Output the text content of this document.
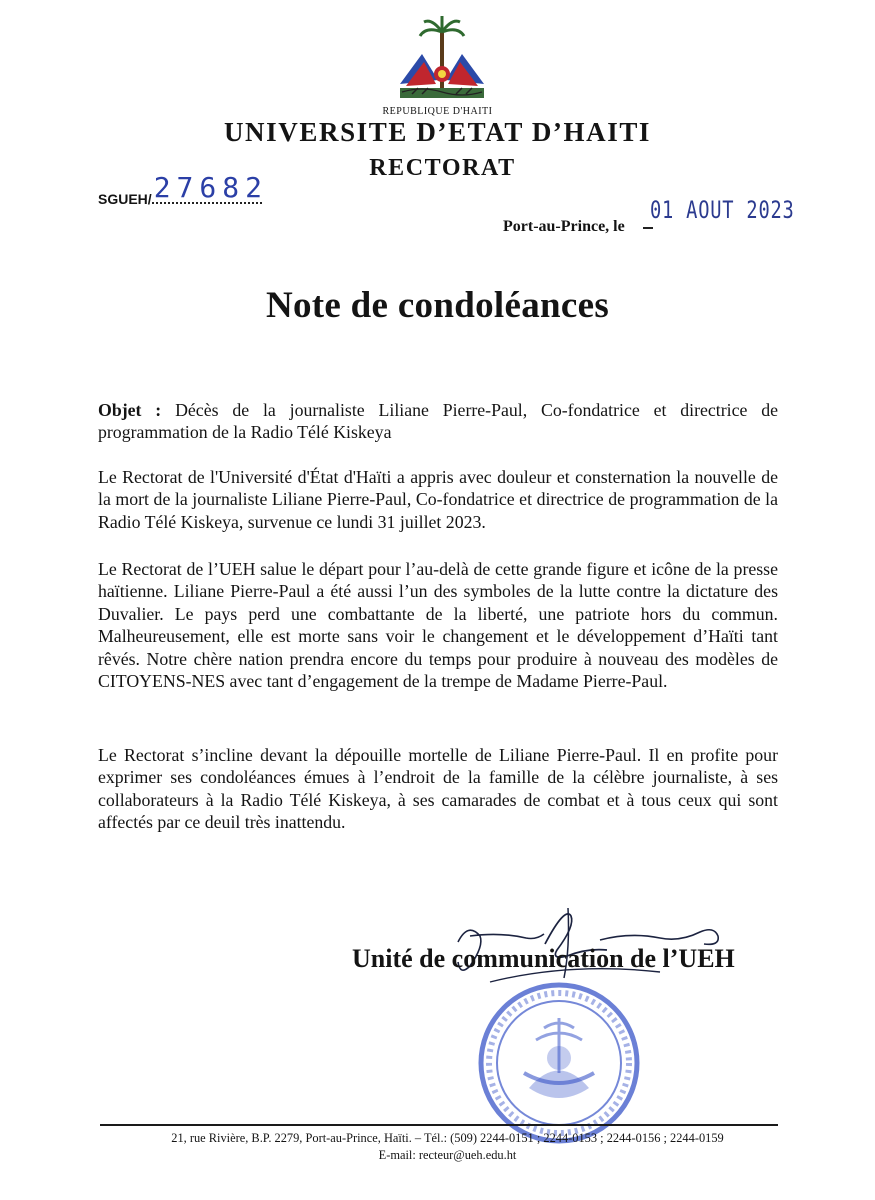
REPUBLIQUE D'HAITI
UNIVERSITE D’ETAT D’HAITI
RECTORAT
SGUEH/ 27682
Port-au-Prince, le
01 AOUT 2023
Note de condoléances
Objet : Décès de la journaliste Liliane Pierre-Paul, Co-fondatrice et directrice de programmation de la Radio Télé Kiskeya
Le Rectorat de l'Université d'État d'Haïti a appris avec douleur et consternation la nouvelle de la mort de la journaliste Liliane Pierre-Paul, Co-fondatrice et directrice de programmation de la Radio Télé Kiskeya, survenue ce lundi 31 juillet 2023.
Le Rectorat de l’UEH salue le départ pour l’au-delà de cette grande figure et icône de la presse haïtienne. Liliane Pierre-Paul a été aussi l’un des symboles de la lutte contre la dictature des Duvalier. Le pays perd une combattante de la liberté, une patriote hors du commun. Malheureusement, elle est morte sans voir le changement et le développement d’Haïti tant rêvés. Notre chère nation prendra encore du temps pour produire à nouveau des modèles de CITOYENS-NES avec tant d’engagement de la trempe de Madame Pierre-Paul.
Le Rectorat s’incline devant la dépouille mortelle de Liliane Pierre-Paul. Il en profite pour exprimer ses condoléances émues à l’endroit de la famille de la célèbre journaliste, à ses collaborateurs à la Radio Télé Kiskeya, à ses camarades de combat et à tous ceux qui sont affectés par ce deuil très inattendu.
Unité de communication de l’UEH
21, rue Rivière, B.P. 2279, Port-au-Prince, Haïti. – Tél.: (509) 2244-0151 ; 2244-0153 ; 2244-0156 ; 2244-0159
E-mail: recteur@ueh.edu.ht
